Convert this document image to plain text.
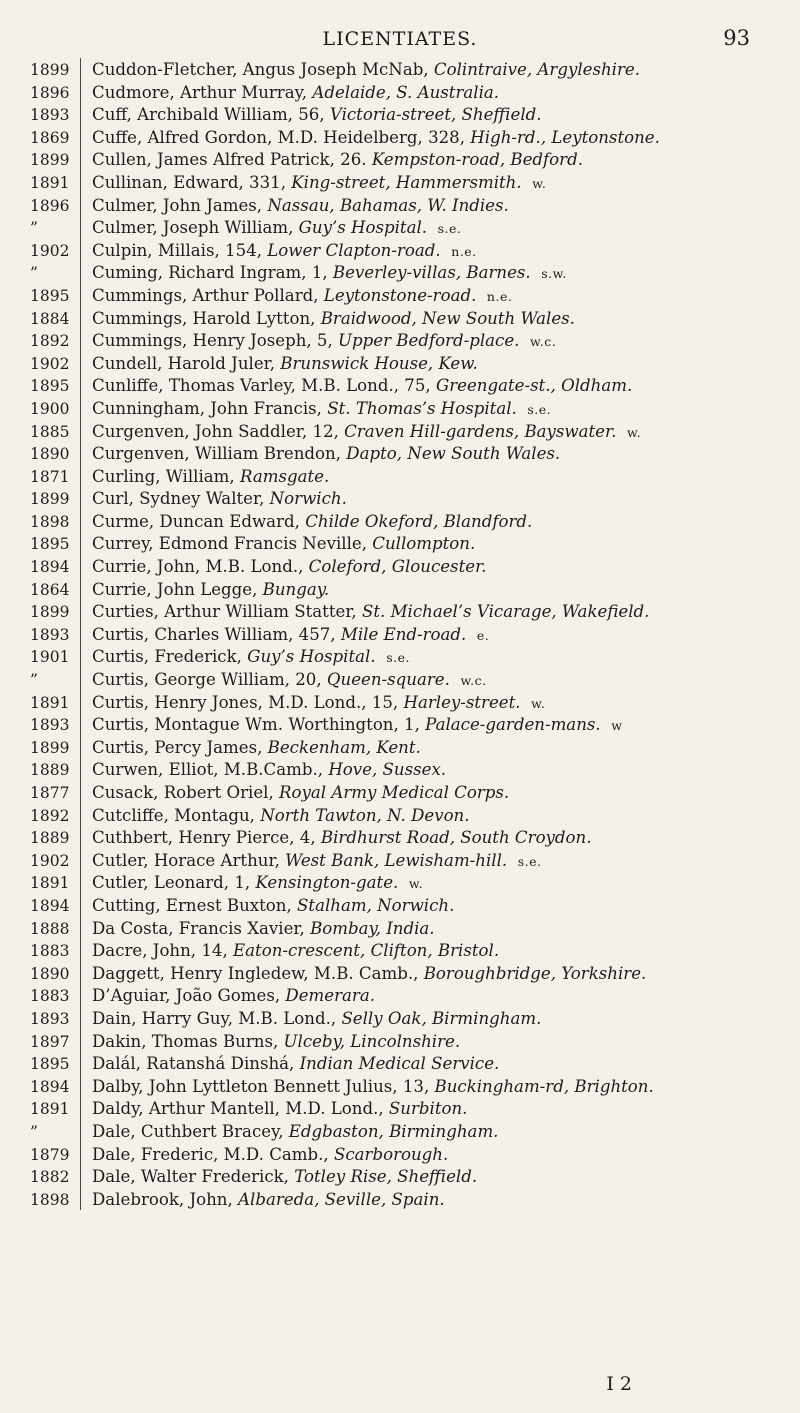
LICENTIATES.	93
1899	Cuddon-Fletcher, Angus Joseph McNab, Colintraive, Argyleshire.
1896	Cudmore, Arthur Murray, Adelaide, S. Australia.
1893	Cuff, Archibald William, 56, Victoria-street, Sheffield.
1869	Cuffe, Alfred Gordon, M.D. Heidelberg, 328, High-rd., Leytonstone.
1899	Cullen, James Alfred Patrick, 26. Kempston-road, Bedford.
1891	Cullinan, Edward, 331, King-street, Hammersmith. w.
1896	Culmer, John James, Nassau, Bahamas, W. Indies.
”	Culmer, Joseph William, Guy’s Hospital. s.e.
1902	Culpin, Millais, 154, Lower Clapton-road. n.e.
”	Cuming, Richard Ingram, 1, Beverley-villas, Barnes. s.w.
1895	Cummings, Arthur Pollard, Leytonstone-road. n.e.
1884	Cummings, Harold Lytton, Braidwood, New South Wales.
1892	Cummings, Henry Joseph, 5, Upper Bedford-place. w.c.
1902	Cundell, Harold Juler, Brunswick House, Kew.
1895	Cunliffe, Thomas Varley, M.B. Lond., 75, Greengate-st., Oldham.
1900	Cunningham, John Francis, St. Thomas’s Hospital. s.e.
1885	Curgenven, John Saddler, 12, Craven Hill-gardens, Bayswater. w.
1890	Curgenven, William Brendon, Dapto, New South Wales.
1871	Curling, William, Ramsgate.
1899	Curl, Sydney Walter, Norwich.
1898	Curme, Duncan Edward, Childe Okeford, Blandford.
1895	Currey, Edmond Francis Neville, Cullompton.
1894	Currie, John, M.B. Lond., Coleford, Gloucester.
1864	Currie, John Legge, Bungay.
1899	Curties, Arthur William Statter, St. Michael’s Vicarage, Wakefield.
1893	Curtis, Charles William, 457, Mile End-road. e.
1901	Curtis, Frederick, Guy’s Hospital. s.e.
”	Curtis, George William, 20, Queen-square. w.c.
1891	Curtis, Henry Jones, M.D. Lond., 15, Harley-street. w.
1893	Curtis, Montague Wm. Worthington, 1, Palace-garden-mans. w
1899	Curtis, Percy James, Beckenham, Kent.
1889	Curwen, Elliot, M.B.Camb., Hove, Sussex.
1877	Cusack, Robert Oriel, Royal Army Medical Corps.
1892	Cutcliffe, Montagu, North Tawton, N. Devon.
1889	Cuthbert, Henry Pierce, 4, Birdhurst Road, South Croydon.
1902	Cutler, Horace Arthur, West Bank, Lewisham-hill. s.e.
1891	Cutler, Leonard, 1, Kensington-gate. w.
1894	Cutting, Ernest Buxton, Stalham, Norwich.
1888	Da Costa, Francis Xavier, Bombay, India.
1883	Dacre, John, 14, Eaton-crescent, Clifton, Bristol.
1890	Daggett, Henry Ingledew, M.B. Camb., Boroughbridge, Yorkshire.
1883	D’Aguiar, João Gomes, Demerara.
1893	Dain, Harry Guy, M.B. Lond., Selly Oak, Birmingham.
1897	Dakin, Thomas Burns, Ulceby, Lincolnshire.
1895	Dalál, Ratanshá Dinshá, Indian Medical Service.
1894	Dalby, John Lyttleton Bennett Julius, 13, Buckingham-rd, Brighton.
1891	Daldy, Arthur Mantell, M.D. Lond., Surbiton.
”	Dale, Cuthbert Bracey, Edgbaston, Birmingham.
1879	Dale, Frederic, M.D. Camb., Scarborough.
1882	Dale, Walter Frederick, Totley Rise, Sheffield.
1898	Dalebrook, John, Albareda, Seville, Spain.
I 2
